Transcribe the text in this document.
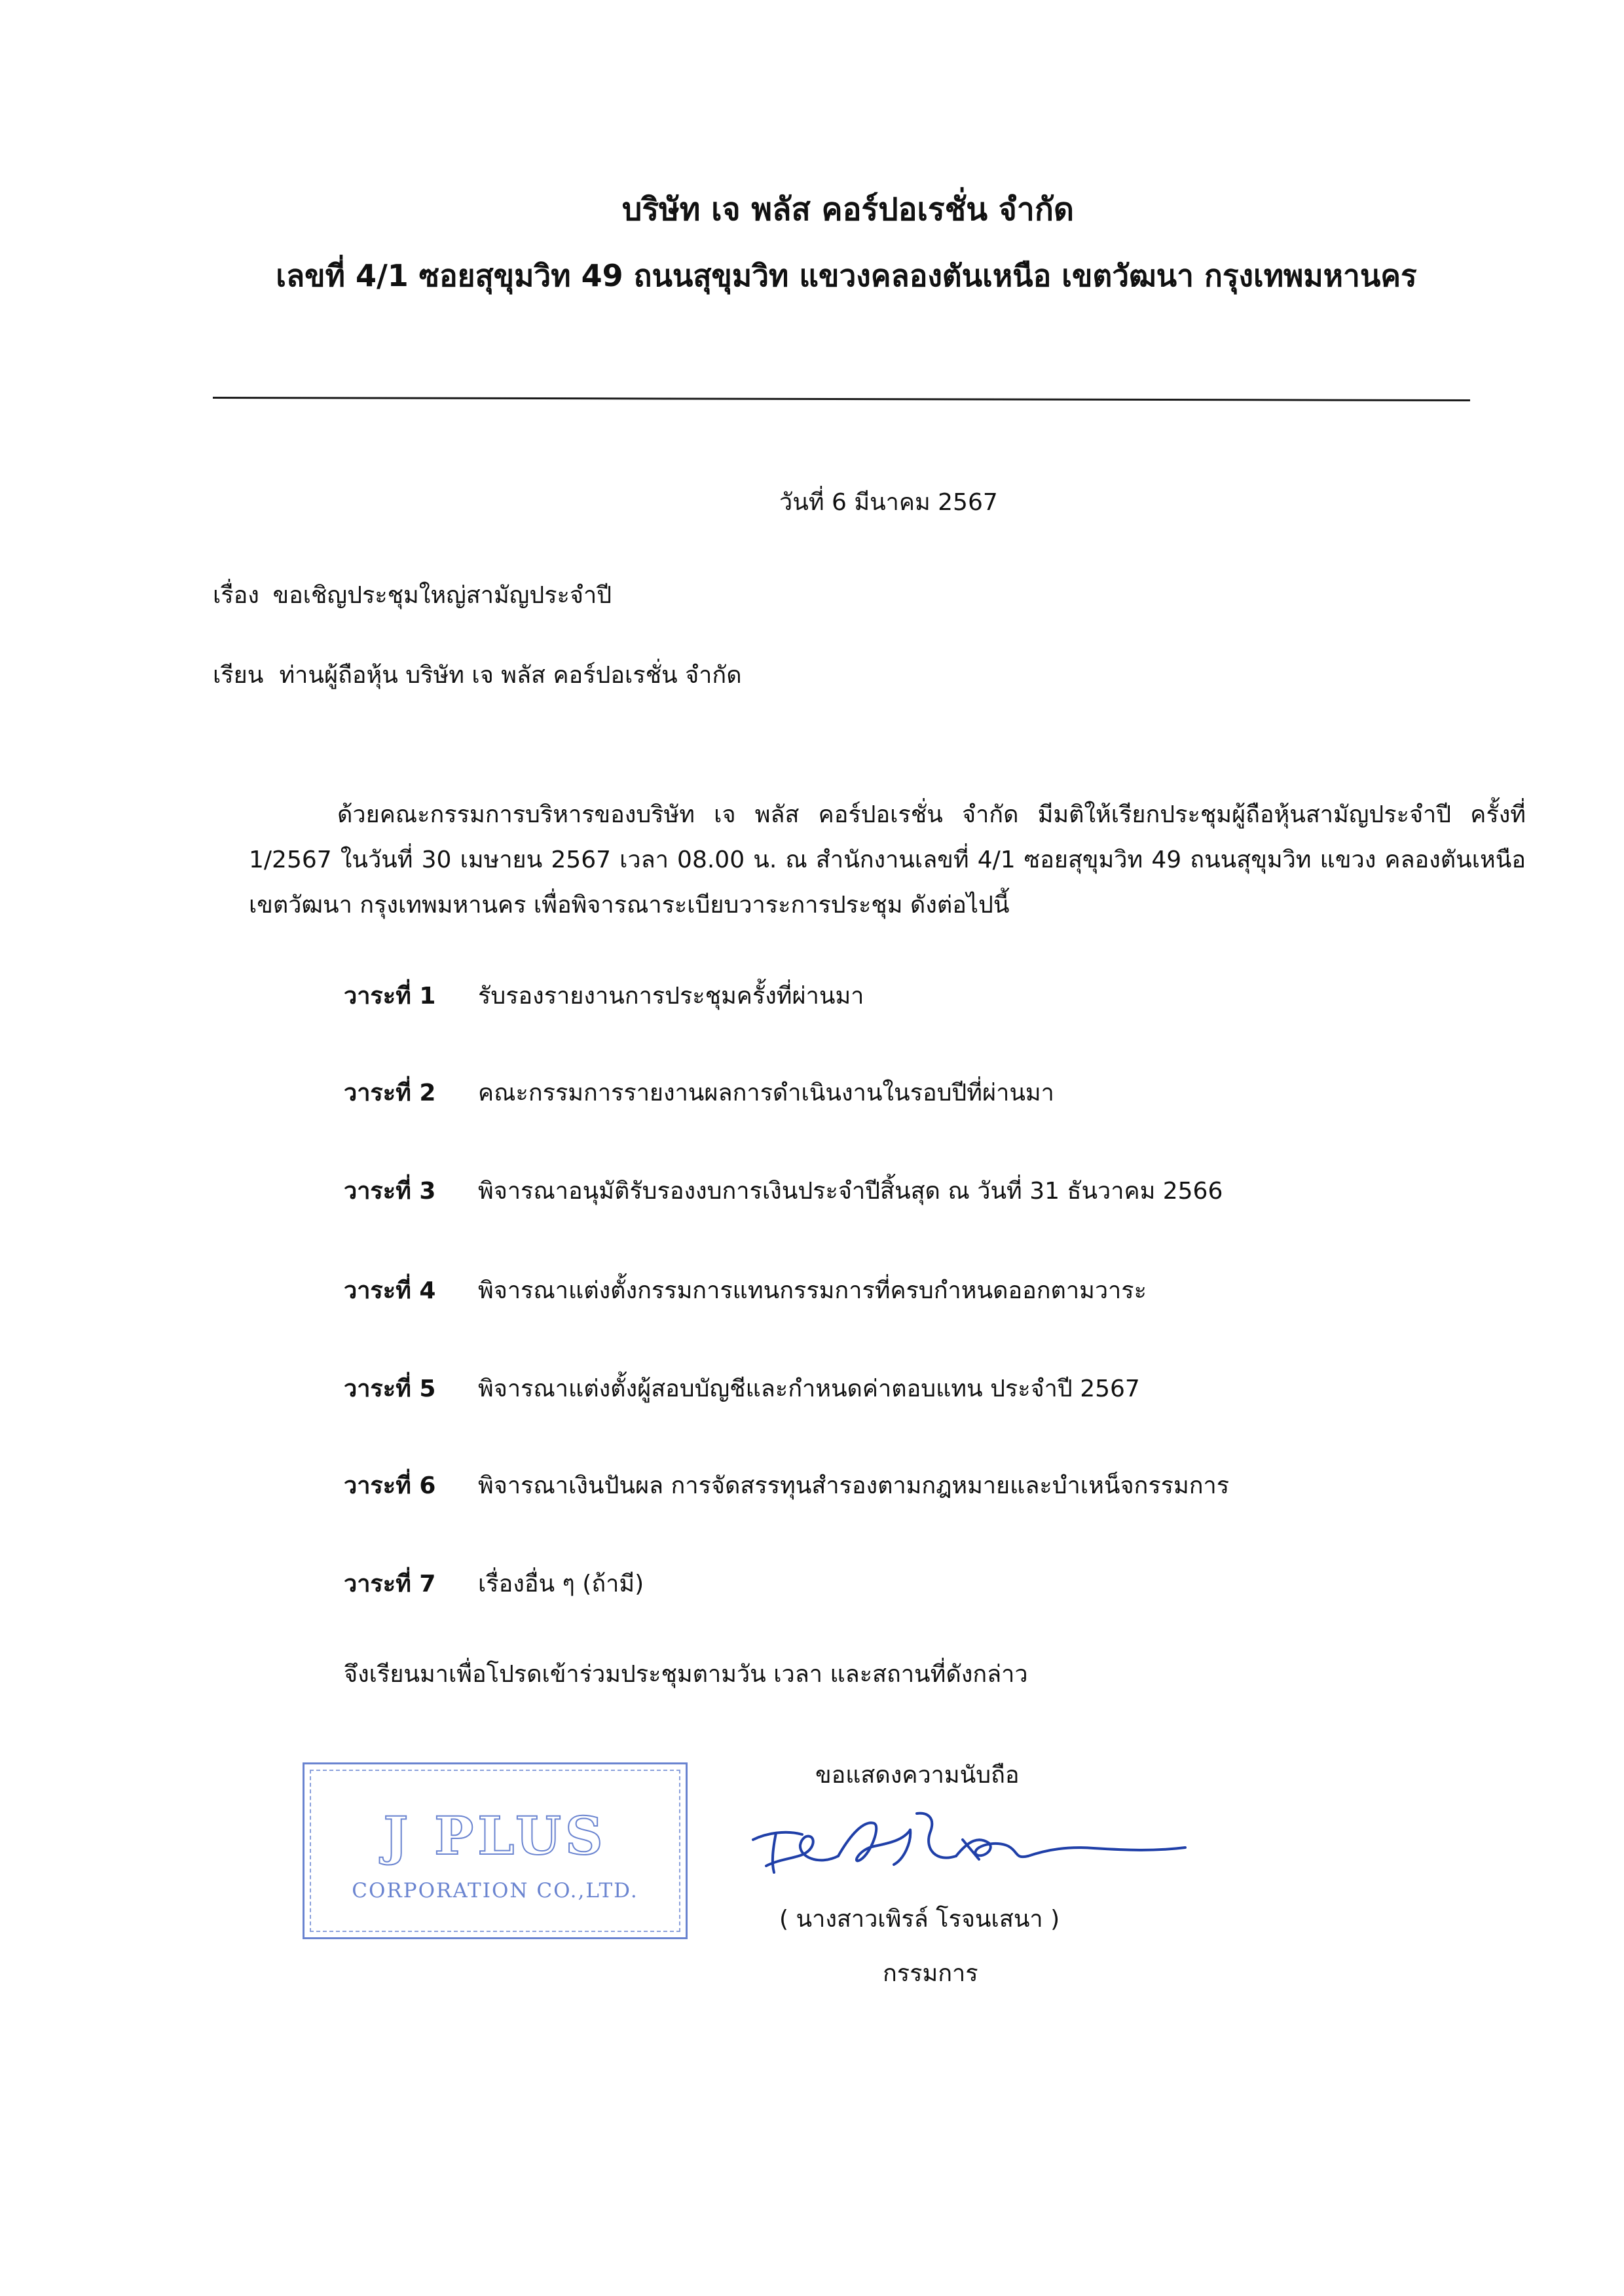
บริษัท เจ พลัส คอร์ปอเรชั่น จำกัด
เลขที่ 4/1 ซอยสุขุมวิท 49 ถนนสุขุมวิท แขวงคลองตันเหนือ เขตวัฒนา กรุงเทพมหานคร
วันที่ 6 มีนาคม 2567
เรื่อง ขอเชิญประชุมใหญ่สามัญประจำปี
เรียน ท่านผู้ถือหุ้น บริษัท เจ พลัส คอร์ปอเรชั่น จำกัด
ด้วยคณะกรรมการบริหารของบริษัท เจ พลัส คอร์ปอเรชั่น จำกัด มีมติให้เรียกประชุมผู้ถือหุ้นสามัญประจำปี ครั้งที่ 1/2567 ในวันที่ 30 เมษายน 2567 เวลา 08.00 น. ณ สำนักงานเลขที่ 4/1 ซอยสุขุมวิท 49 ถนนสุขุมวิท แขวง คลองตันเหนือ เขตวัฒนา กรุงเทพมหานคร เพื่อพิจารณาระเบียบวาระการประชุม ดังต่อไปนี้
วาระที่ 1 รับรองรายงานการประชุมครั้งที่ผ่านมา
วาระที่ 2 คณะกรรมการรายงานผลการดำเนินงานในรอบปีที่ผ่านมา
วาระที่ 3 พิจารณาอนุมัติรับรองงบการเงินประจำปีสิ้นสุด ณ วันที่ 31 ธันวาคม 2566
วาระที่ 4 พิจารณาแต่งตั้งกรรมการแทนกรรมการที่ครบกำหนดออกตามวาระ
วาระที่ 5 พิจารณาแต่งตั้งผู้สอบบัญชีและกำหนดค่าตอบแทน ประจำปี 2567
วาระที่ 6 พิจารณาเงินปันผล การจัดสรรทุนสำรองตามกฎหมายและบำเหน็จกรรมการ
วาระที่ 7 เรื่องอื่น ๆ (ถ้ามี)
จึงเรียนมาเพื่อโปรดเข้าร่วมประชุมตามวัน เวลา และสถานที่ดังกล่าว
J PLUS
CORPORATION CO.,LTD.
ขอแสดงความนับถือ
( นางสาวเพิรล์ โรจนเสนา )
กรรมการ
